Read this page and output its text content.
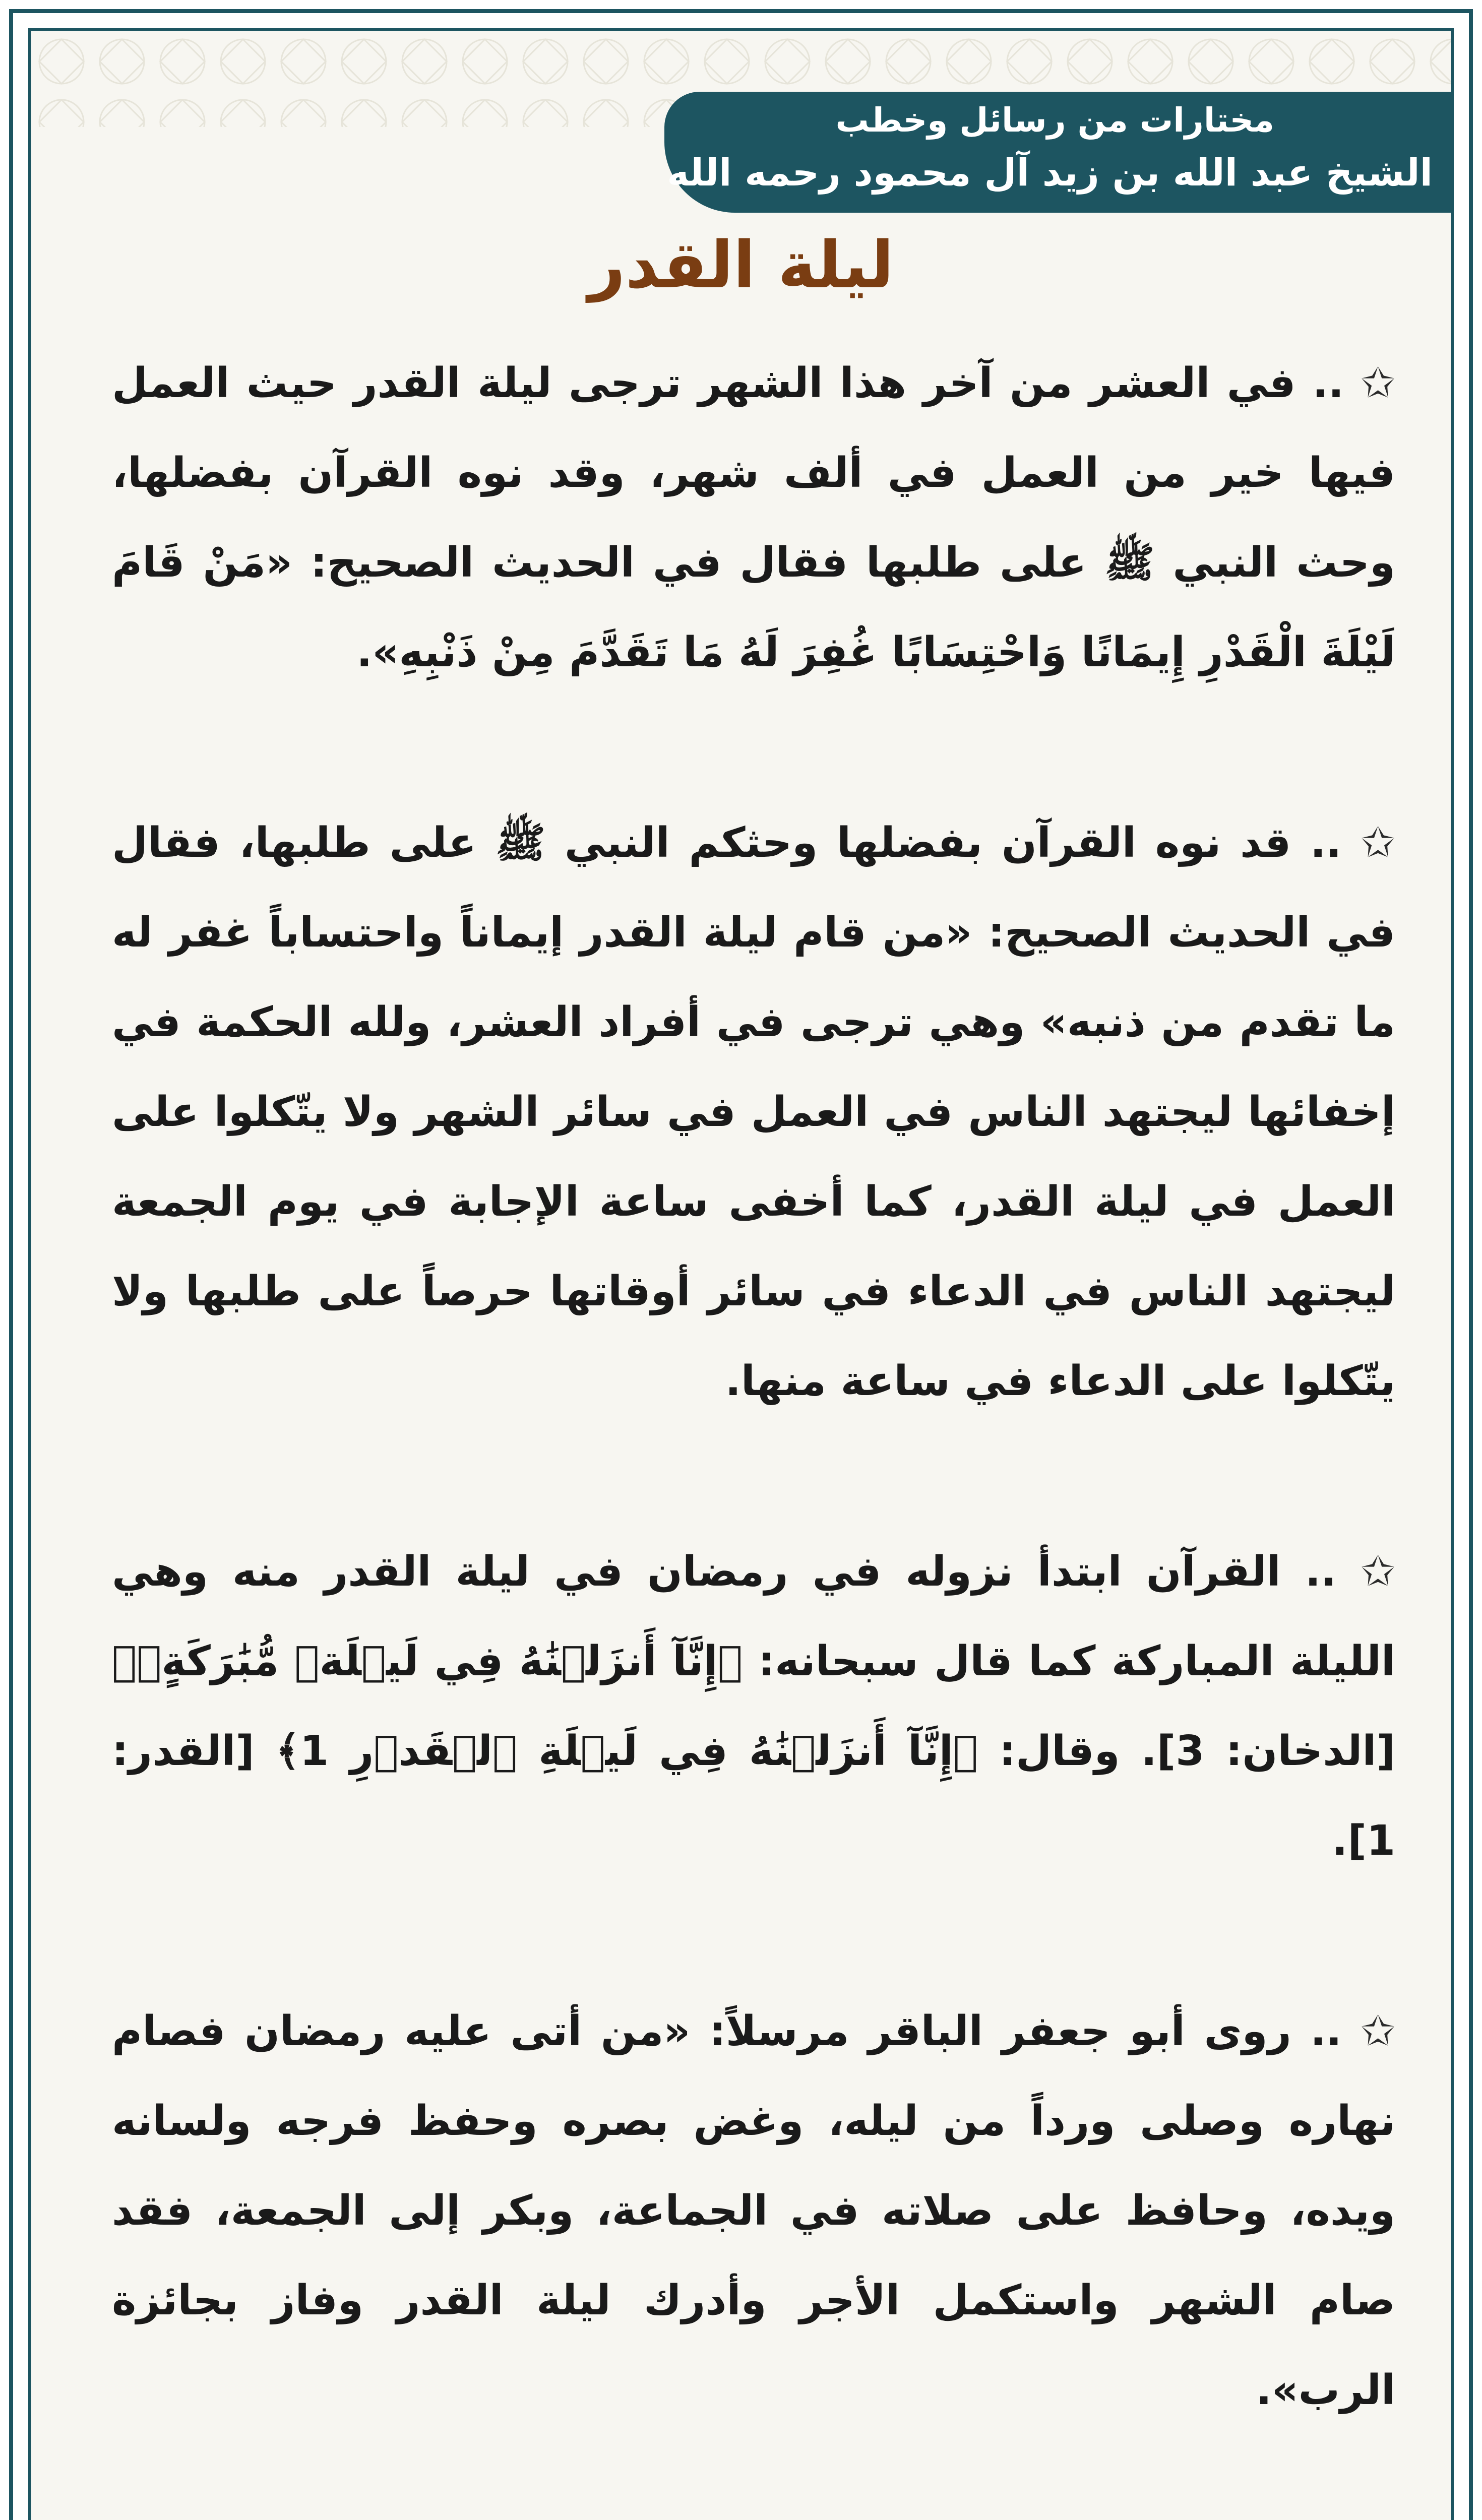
مختارات من رسائل وخطب
الشيخ عبد الله بن زيد آل محمود رحمه الله
ليلة القدر

✩ .. في العشر من آخر هذا الشهر ترجى ليلة القدر حيث العمل فيها خير من العمل في ألف شهر، وقد نوه القرآن بفضلها، وحث النبي ﷺ على طلبها فقال في الحديث الصحيح: «مَنْ قَامَ لَيْلَةَ الْقَدْرِ إِيمَانًا وَاحْتِسَابًا غُفِرَ لَهُ مَا تَقَدَّمَ مِنْ ذَنْبِهِ».

✩ .. قد نوه القرآن بفضلها وحثكم النبي ﷺ على طلبها، فقال في الحديث الصحيح: «من قام ليلة القدر إيماناً واحتساباً غفر له ما تقدم من ذنبه» وهي ترجى في أفراد العشر، ولله الحكمة في إخفائها ليجتهد الناس في العمل في سائر الشهر ولا يتّكلوا على العمل في ليلة القدر، كما أخفى ساعة الإجابة في يوم الجمعة ليجتهد الناس في الدعاء في سائر أوقاتها حرصاً على طلبها ولا يتّكلوا على الدعاء في ساعة منها.

✩ .. القرآن ابتدأ نزوله في رمضان في ليلة القدر منه وهي الليلة المباركة كما قال سبحانه: ﴿إِنَّآ أَنزَلۡنَٰهُ فِي لَيۡلَةٖ مُّبَٰرَكَةٍۚ﴾ [الدخان: 3]. وقال: ﴿إِنَّآ أَنزَلۡنَٰهُ فِي لَيۡلَةِ ٱلۡقَدۡرِ 1﴾ [القدر: 1].

✩ .. روى أبو جعفر الباقر مرسلاً: «من أتى عليه رمضان فصام نهاره وصلى ورداً من ليله، وغض بصره وحفظ فرجه ولسانه ويده، وحافظ على صلاته في الجماعة، وبكر إلى الجمعة، فقد صام الشهر واستكمل الأجر وأدرك ليلة القدر وفاز بجائزة الرب».
